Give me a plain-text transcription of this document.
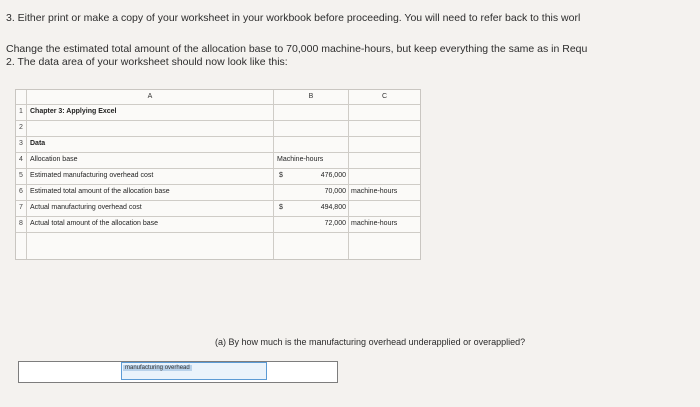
3. Either print or make a copy of your worksheet in your workbook before proceeding. You will need to refer back to this worl
Change the estimated total amount of the allocation base to 70,000 machine-hours, but keep everything the same as in Requ
2. The data area of your worksheet should now look like this:
A	B	C
1	Chapter 3: Applying Excel
2
3	Data
4	Allocation base	Machine-hours
5	Estimated manufacturing overhead cost	$	476,000
6	Estimated total amount of the allocation base	70,000 machine-hours
7	Actual manufacturing overhead cost	$	494,800
8	Actual total amount of the allocation base	72,000 machine-hours
(a) By how much is the manufacturing overhead underapplied or overapplied?
manufacturing overhead
